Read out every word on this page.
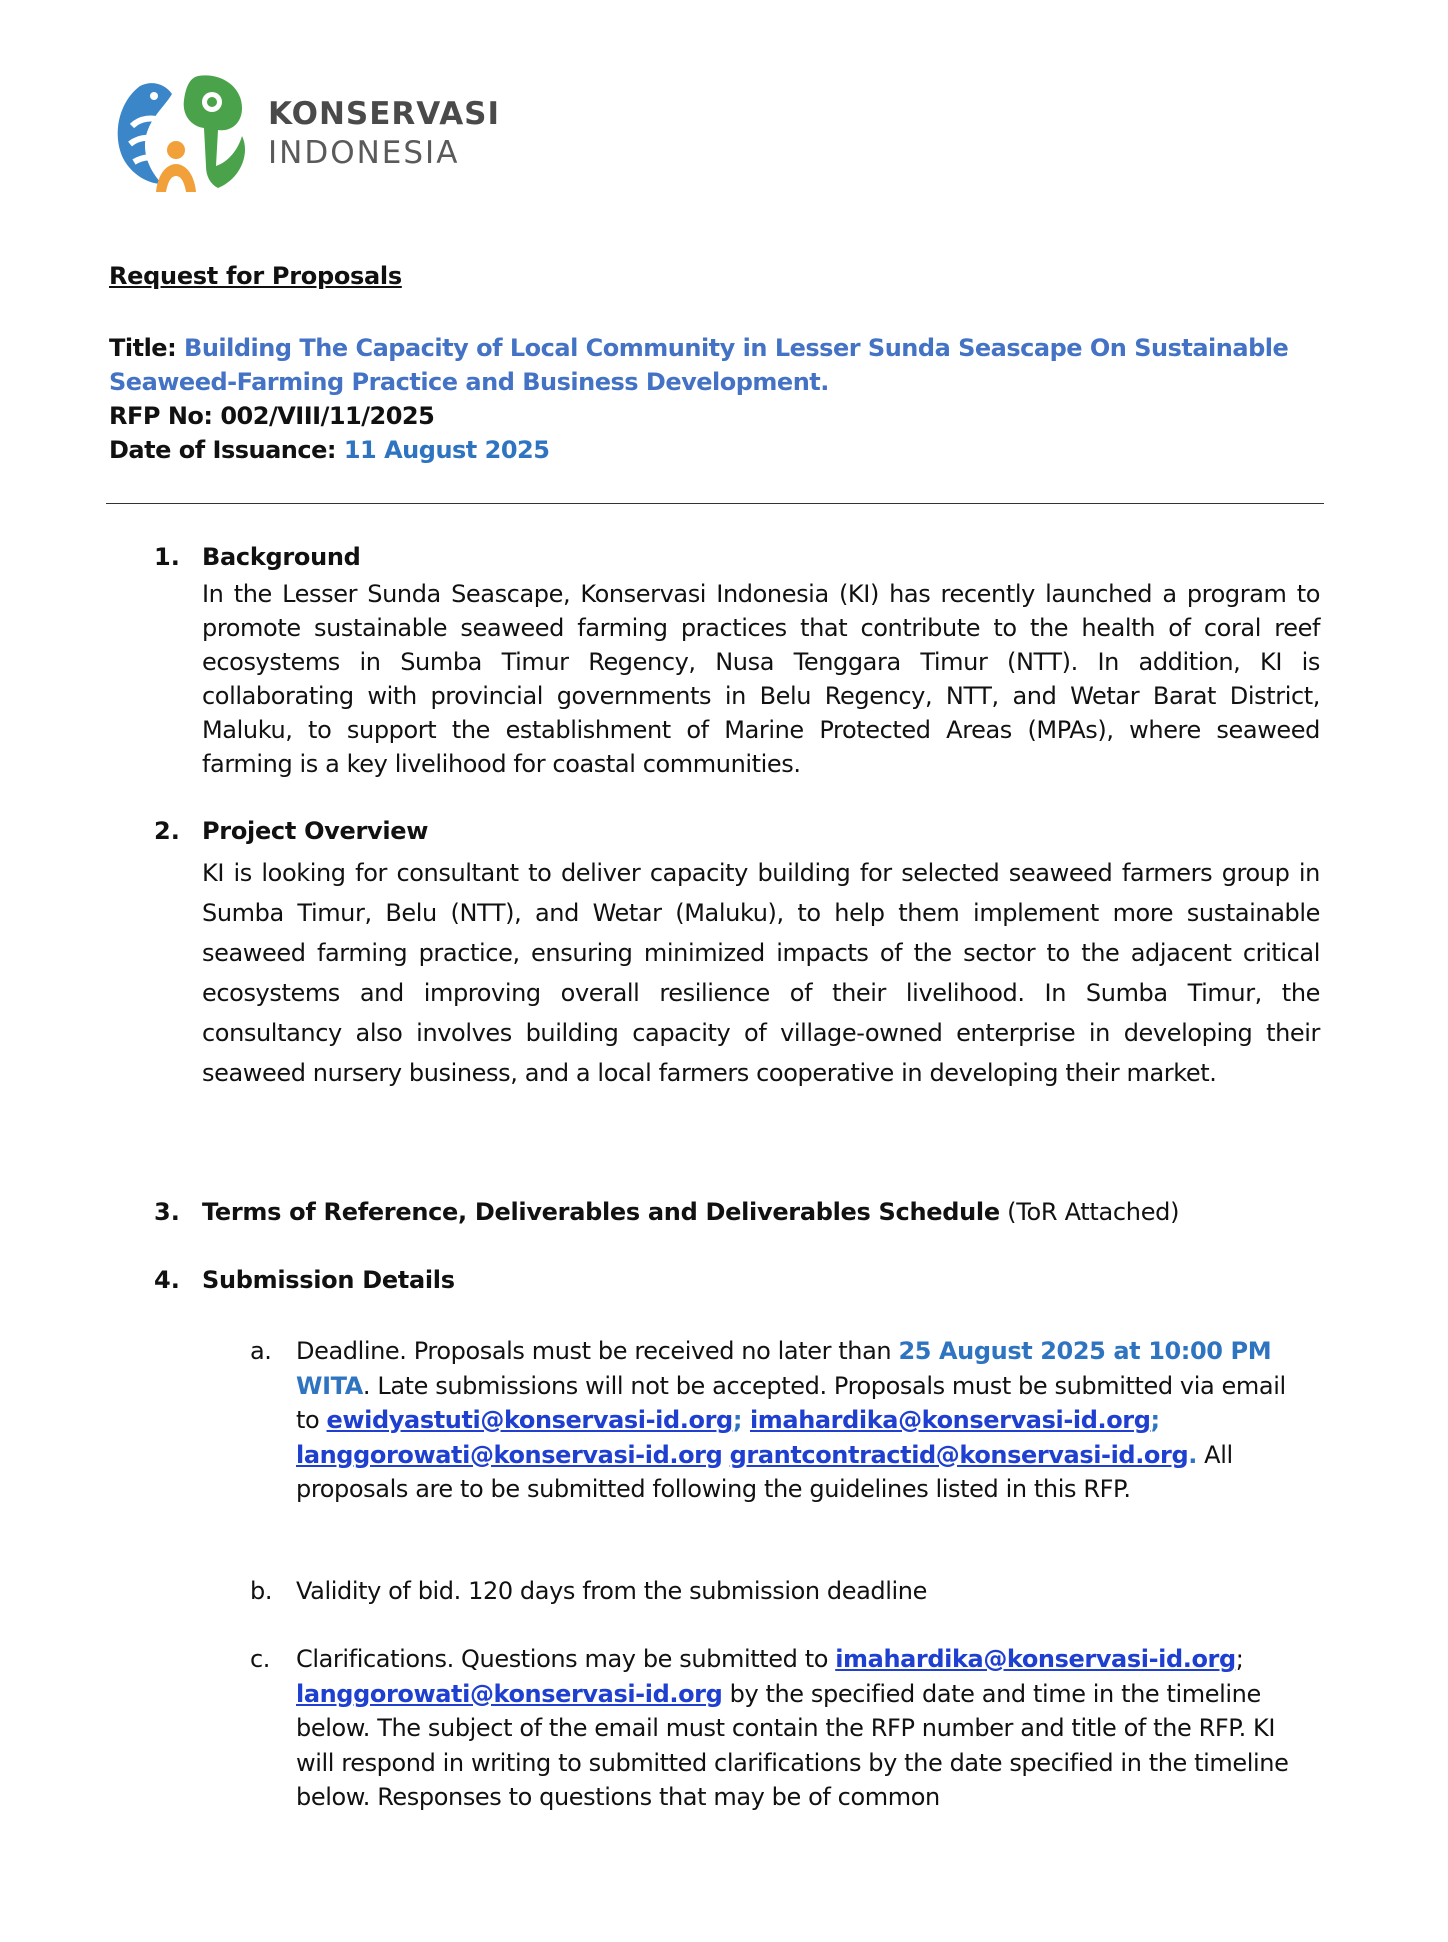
KONSERVASI
INDONESIA
Request for Proposals
Title: Building The Capacity of Local Community in Lesser Sunda Seascape On Sustainable
Seaweed-Farming Practice and Business Development.
RFP No: 002/VIII/11/2025
Date of Issuance: 11 August 2025
1. Background
In the Lesser Sunda Seascape, Konservasi Indonesia (KI) has recently launched a program to promote sustainable seaweed farming practices that contribute to the health of coral reef ecosystems in Sumba Timur Regency, Nusa Tenggara Timur (NTT). In addition, KI is collaborating with provincial governments in Belu Regency, NTT, and Wetar Barat District, Maluku, to support the establishment of Marine Protected Areas (MPAs), where seaweed farming is a key livelihood for coastal communities.
2. Project Overview
KI is looking for consultant to deliver capacity building for selected seaweed farmers group in Sumba Timur, Belu (NTT), and Wetar (Maluku), to help them implement more sustainable seaweed farming practice, ensuring minimized impacts of the sector to the adjacent critical ecosystems and improving overall resilience of their livelihood. In Sumba Timur, the consultancy also involves building capacity of village-owned enterprise in developing their seaweed nursery business, and a local farmers cooperative in developing their market.
3. Terms of Reference, Deliverables and Deliverables Schedule (ToR Attached)
4. Submission Details
a. Deadline. Proposals must be received no later than 25 August 2025 at 10:00 PM WITA. Late submissions will not be accepted. Proposals must be submitted via email to ewidyastuti@konservasi-id.org; imahardika@konservasi-id.org; langgorowati@konservasi-id.org grantcontractid@konservasi-id.org. All proposals are to be submitted following the guidelines listed in this RFP.
b. Validity of bid. 120 days from the submission deadline
c. Clarifications. Questions may be submitted to imahardika@konservasi-id.org; langgorowati@konservasi-id.org by the specified date and time in the timeline below. The subject of the email must contain the RFP number and title of the RFP. KI will respond in writing to submitted clarifications by the date specified in the timeline below. Responses to questions that may be of common
